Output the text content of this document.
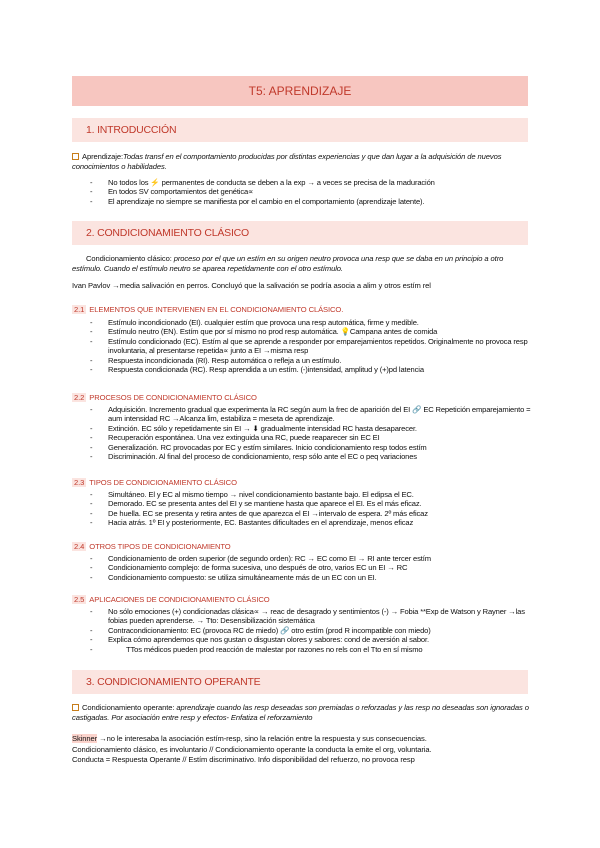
T5: APRENDIZAJE
1. INTRODUCCIÓN
Aprendizaje:Todas transf en el comportamiento producidas por distintas experiencias y que dan lugar a la adquisición de nuevos conocimientos o habilidades.
- No todos los ⚡ permanentes de conducta se deben a la exp → a veces se precisa de la maduración
- En todos SV comportamientos det genética∝
- El aprendizaje no siempre se manifiesta por el cambio en el comportamiento (aprendizaje latente).
2. CONDICIONAMIENTO CLÁSICO
Condicionamiento clásico: proceso por el que un estím en su origen neutro provoca una resp que se daba en un principio a otro estímulo. Cuando el estímulo neutro se aparea repetidamente con el otro estímulo.
Ivan Pavlov →media salivación en perros. Concluyó que la salivación se podría asocia a alim y otros estím rel
2.1 ELEMENTOS QUE INTERVIENEN EN EL CONDICIONAMIENTO CLÁSICO.
- Estímulo incondicionado (EI). cualquier estím que provoca una resp automática, firme y medible.
- Estímulo neutro (EN). Estím que por sí mismo no prod resp automática. 💡Campana antes de comida
- Estímulo condicionado (EC). Estím al que se aprende a responder por emparejamientos repetidos. Originalmente no provoca resp involuntaria, al presentarse repetida∝ junto a EI →misma resp
- Respuesta incondicionada (RI). Resp automática o refleja a un estímulo.
- Respuesta condicionada (RC). Resp aprendida a un estím. (-)intensidad, amplitud y (+)pd latencia
2.2 PROCESOS DE CONDICIONAMIENTO CLÁSICO
- Adquisición. Incremento gradual que experimenta la RC según aum la frec de aparición del EI 🔗 EC Repetición emparejamiento = aum intensidad RC →Alcanza lim, estabiliza = meseta de aprendizaje.
- Extinción. EC sólo y repetidamente sin EI → ⬇ gradualmente intensidad RC hasta desaparecer.
- Recuperación espontánea. Una vez extinguida una RC, puede reaparecer sin EC EI
- Generalización. RC provocadas por EC y estím similares. Inicio condicionamiento resp todos estím
- Discriminación. Al final del proceso de condicionamiento, resp sólo ante el EC o peq variaciones
2.3 TIPOS DE CONDICIONAMIENTO CLÁSICO
- Simultáneo. El y EC al mismo tiempo → nivel condicionamiento bastante bajo. El edipsa el EC.
- Demorado. EC se presenta antes del EI y se mantiene hasta que aparece el EI. Es el más eficaz.
- De huella. EC se presenta y retira antes de que aparezca el EI →intervalo de espera. 2º más eficaz
- Hacia atrás. 1º EI y posteriormente, EC. Bastantes dificultades en el aprendizaje, menos eficaz
2.4 OTROS TIPOS DE CONDICIONAMIENTO
- Condicionamiento de orden superior (de segundo orden): RC → EC como EI → RI ante tercer estím
- Condicionamiento complejo: de forma sucesiva, uno después de otro, varios EC un EI → RC
- Condicionamiento compuesto: se utiliza simultáneamente más de un EC con un EI.
2.5 APLICACIONES DE CONDICIONAMIENTO CLÁSICO
- No sólo emociones (+) condicionadas clásica∝ → reac de desagrado y sentimientos (-) → Fobia **Exp de Watson y Rayner →las fobias pueden aprenderse. → Tto: Desensibilización sistemática
- Contracondicionamiento: EC (provoca RC de miedo) 🔗 otro estím (prod R incompatible con miedo)
- Explica cómo aprendemos que nos gustan o disgustan olores y sabores: cond de aversión al sabor.
-	TTos médicos pueden prod reacción de malestar por razones no rels con el Tto en sí mismo
3. CONDICIONAMIENTO OPERANTE
Condicionamiento operante: aprendizaje cuando las resp deseadas son premiadas o reforzadas y las resp no deseadas son ignoradas o castigadas. Por asociación entre resp y efectos- Enfatiza el reforzamiento
Skinner →no le interesaba la asociación estím-resp, sino la relación entre la respuesta y sus consecuencias.
Condicionamiento clásico, es involuntario // Condicionamiento operante la conducta la emite el org, voluntaria.
Conducta = Respuesta Operante // Estím discriminativo. Info disponibilidad del refuerzo, no provoca resp
